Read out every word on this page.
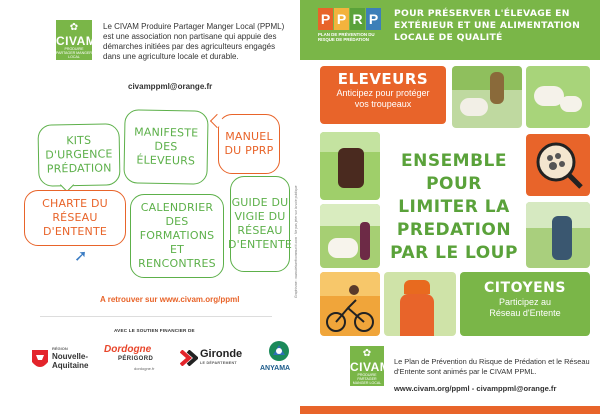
✿
CIVAM
PRODUIRE PARTAGER MANGER LOCAL
Le CIVAM Produire Partager Manger Local (PPML) est une association non partisane qui appuie des démarches initiées par des agriculteurs engagés dans une agriculture locale et durable.
civamppml@orange.fr
KITS D'URGENCE PRÉDATION
MANIFESTE DES ÉLEVEURS
MANUEL DU PPRP
CHARTE DU RÉSEAU D'ENTENTE
➚
CALENDRIER DES FORMATIONS ET RENCONTRES
GUIDE DU VIGIE DU RÉSEAU D'ENTENTE
A retrouver sur www.civam.org/ppml
AVEC LE SOUTIEN FINANCIER DE
RÉGION
Nouvelle-
Aquitaine
Dordogne
PÉRIGORD
dordogne.fr
Gironde
LE DÉPARTEMENT
ANYAMA
P P R P
PLAN DE PRÉVENTION DU RISQUE DE PRÉDATION
POUR PRÉSERVER L'ÉLEVAGE EN EXTÉRIEUR ET UNE ALIMENTATION LOCALE DE QUALITÉ
ELEVEURS
Anticipez pour protéger vos troupeaux
ENSEMBLE POUR LIMITER LA PREDATION PAR LE LOUP
CITOYENS
Participez au Réseau d'Entente
✿
CIVAM
PRODUIRE PARTAGER MANGER LOCAL
Le Plan de Prévention du Risque de Prédation et le Réseau d'Entente sont animés par le CIVAM PPML.
www.civam.org/ppml - civamppml@orange.fr
Graphisme : www.debarrfcommuniti.com · Ne pas jeter sur la voie publique
